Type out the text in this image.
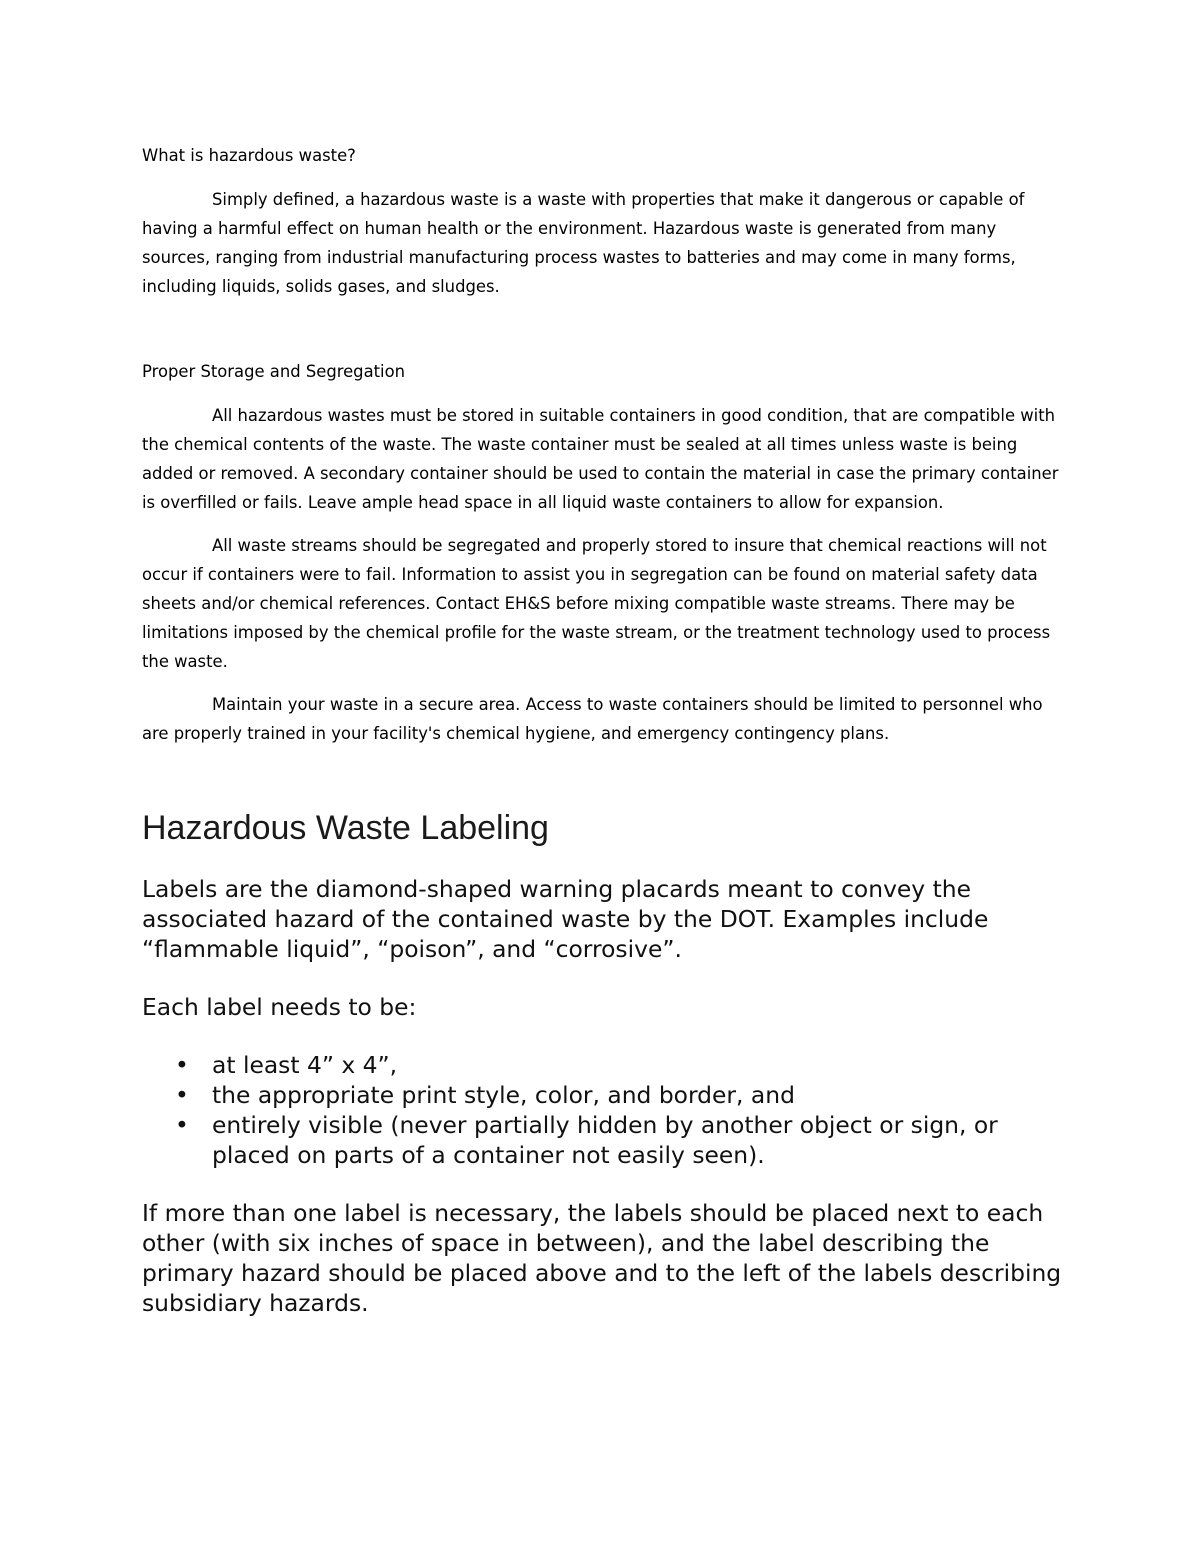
What is hazardous waste?

Simply defined, a hazardous waste is a waste with properties that make it dangerous or capable of having a harmful effect on human health or the environment. Hazardous waste is generated from many sources, ranging from industrial manufacturing process wastes to batteries and may come in many forms, including liquids, solids gases, and sludges.

Proper Storage and Segregation

All hazardous wastes must be stored in suitable containers in good condition, that are compatible with the chemical contents of the waste. The waste container must be sealed at all times unless waste is being added or removed. A secondary container should be used to contain the material in case the primary container is overfilled or fails. Leave ample head space in all liquid waste containers to allow for expansion.

All waste streams should be segregated and properly stored to insure that chemical reactions will not occur if containers were to fail. Information to assist you in segregation can be found on material safety data sheets and/or chemical references. Contact EH&S before mixing compatible waste streams. There may be limitations imposed by the chemical profile for the waste stream, or the treatment technology used to process the waste.

Maintain your waste in a secure area. Access to waste containers should be limited to personnel who are properly trained in your facility's chemical hygiene, and emergency contingency plans.

Hazardous Waste Labeling

Labels are the diamond-shaped warning placards meant to convey the associated hazard of the contained waste by the DOT. Examples include “flammable liquid”, “poison”, and “corrosive”.

Each label needs to be:

• at least 4” x 4”,
• the appropriate print style, color, and border, and
• entirely visible (never partially hidden by another object or sign, or placed on parts of a container not easily seen).

If more than one label is necessary, the labels should be placed next to each other (with six inches of space in between), and the label describing the primary hazard should be placed above and to the left of the labels describing subsidiary hazards.
